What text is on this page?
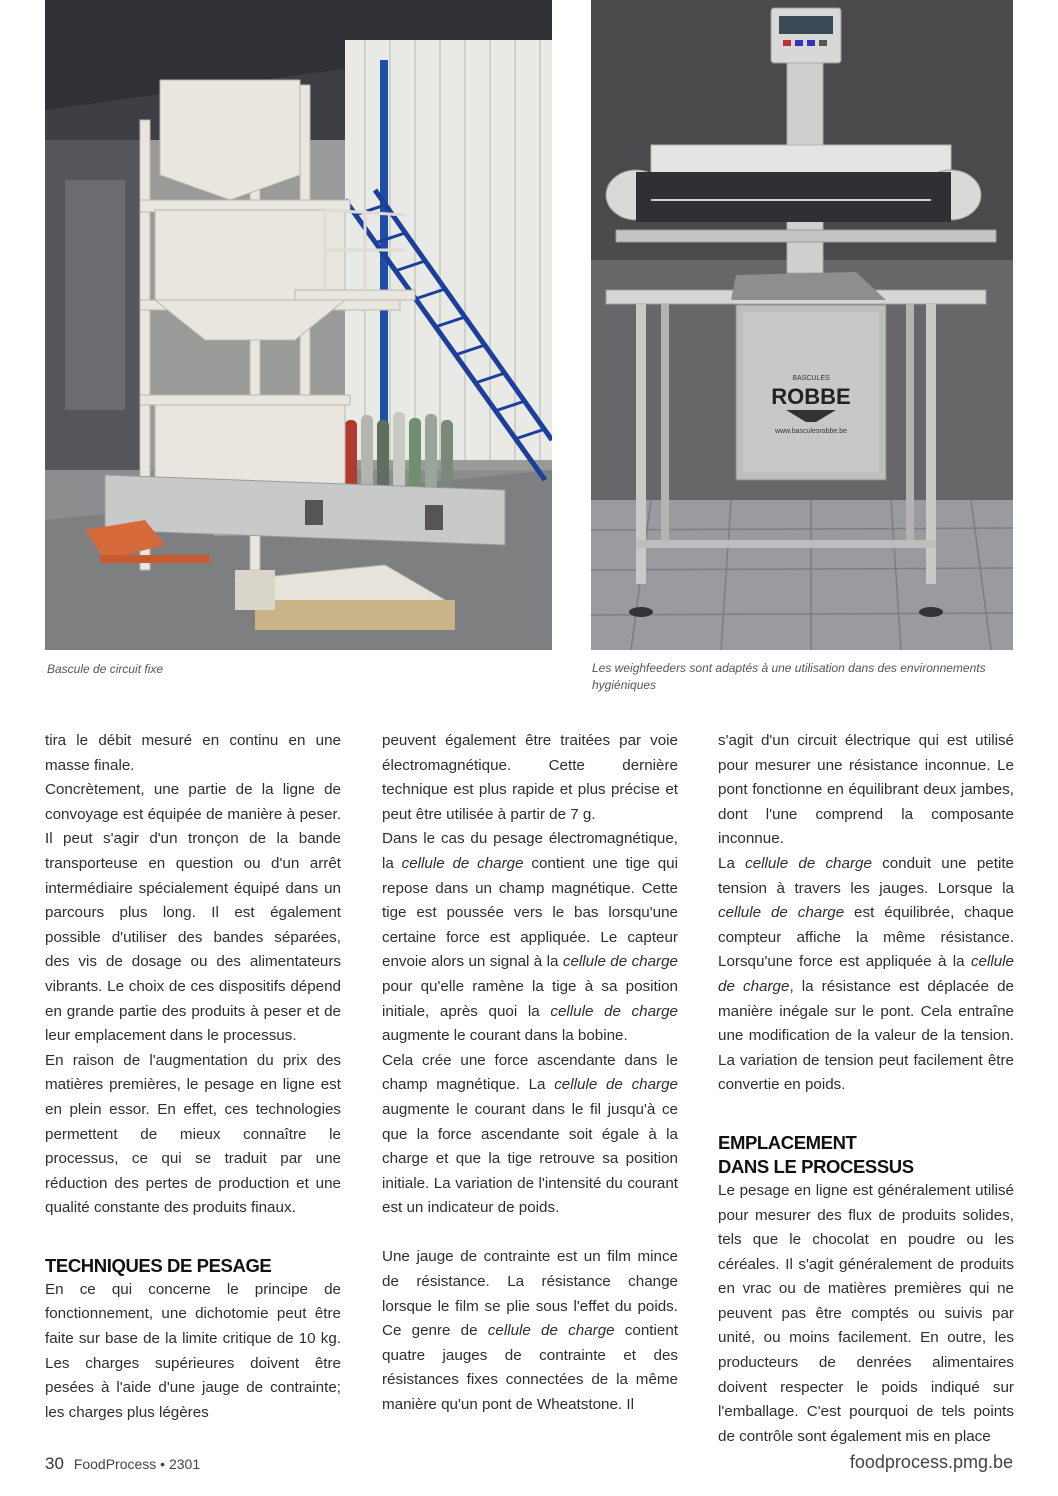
Bascule de circuit fixe
BASCULES
ROBBE
www.basculesrobbe.be
Les weighfeeders sont adaptés à une utilisation dans des environnements hygiéniques

tira le débit mesuré en continu en une masse finale.

Concrètement, une partie de la ligne de convoyage est équipée de manière à peser. Il peut s'agir d'un tronçon de la bande transporteuse en question ou d'un arrêt intermédiaire spécialement équipé dans un parcours plus long. Il est également possible d'utiliser des bandes séparées, des vis de dosage ou des alimentateurs vibrants. Le choix de ces dispositifs dépend en grande partie des produits à peser et de leur emplacement dans le processus.

En raison de l'augmentation du prix des matières premières, le pesage en ligne est en plein essor. En effet, ces technologies permettent de mieux connaître le processus, ce qui se traduit par une réduction des pertes de production et une qualité constante des produits finaux.

TECHNIQUES DE PESAGE

En ce qui concerne le principe de fonctionnement, une dichotomie peut être faite sur base de la limite critique de 10 kg. Les charges supérieures doivent être pesées à l'aide d'une jauge de contrainte; les charges plus légères

peuvent également être traitées par voie électromagnétique. Cette dernière technique est plus rapide et plus précise et peut être utilisée à partir de 7 g.

Dans le cas du pesage électromagnétique, la cellule de charge contient une tige qui repose dans un champ magnétique. Cette tige est poussée vers le bas lorsqu'une certaine force est appliquée. Le capteur envoie alors un signal à la cellule de charge pour qu'elle ramène la tige à sa position initiale, après quoi la cellule de charge augmente le courant dans la bobine.

Cela crée une force ascendante dans le champ magnétique. La cellule de charge augmente le courant dans le fil jusqu'à ce que la force ascendante soit égale à la charge et que la tige retrouve sa position initiale. La variation de l'intensité du courant est un indicateur de poids.

Une jauge de contrainte est un film mince de résistance. La résistance change lorsque le film se plie sous l'effet du poids. Ce genre de cellule de charge contient quatre jauges de contrainte et des résistances fixes connectées de la même manière qu'un pont de Wheatstone. Il

s'agit d'un circuit électrique qui est utilisé pour mesurer une résistance inconnue. Le pont fonctionne en équilibrant deux jambes, dont l'une comprend la composante inconnue.

La cellule de charge conduit une petite tension à travers les jauges. Lorsque la cellule de charge est équilibrée, chaque compteur affiche la même résistance. Lorsqu'une force est appliquée à la cellule de charge, la résistance est déplacée de manière inégale sur le pont. Cela entraîne une modification de la valeur de la tension. La variation de tension peut facilement être convertie en poids.

EMPLACEMENT
DANS LE PROCESSUS

Le pesage en ligne est généralement utilisé pour mesurer des flux de produits solides, tels que le chocolat en poudre ou les céréales. Il s'agit généralement de produits en vrac ou de matières premières qui ne peuvent pas être comptés ou suivis par unité, ou moins facilement. En outre, les producteurs de denrées alimentaires doivent respecter le poids indiqué sur l'emballage. C'est pourquoi de tels points de contrôle sont également mis en place

30 FoodProcess • 2301	foodprocess.pmg.be
